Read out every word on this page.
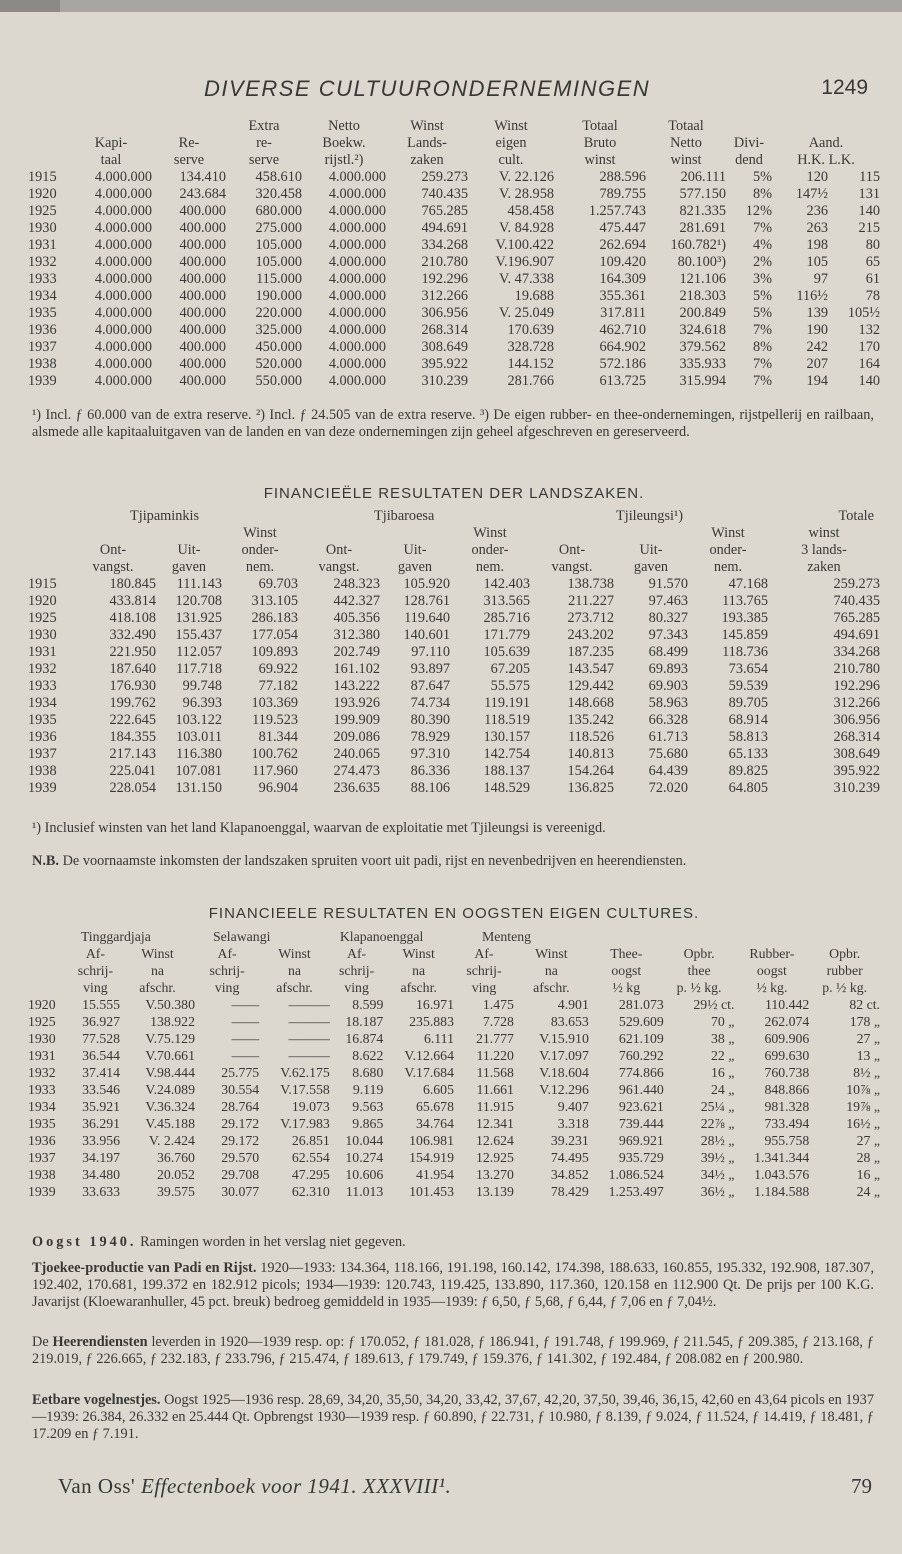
DIVERSE CULTUURONDERNEMINGEN	1249
			Extra	Netto	Winst	Winst	Totaal	Totaal			
	Kapi-	Re-	re-	Boekw.	Lands-	eigen	Bruto	Netto	Divi-	Aand.	
	taal	serve	serve	rijstl.²)	zaken	cult.	winst	winst	dend	H.K. L.K.	
1915	4.000.000	134.410	458.610	4.000.000	259.273	V. 22.126	288.596	206.111	5%	120	115
1920	4.000.000	243.684	320.458	4.000.000	740.435	V. 28.958	789.755	577.150	8%	147½	131
1925	4.000.000	400.000	680.000	4.000.000	765.285	458.458	1.257.743	821.335	12%	236	140
1930	4.000.000	400.000	275.000	4.000.000	494.691	V. 84.928	475.447	281.691	7%	263	215
1931	4.000.000	400.000	105.000	4.000.000	334.268	V.100.422	262.694	160.782¹)	4%	198	80
1932	4.000.000	400.000	105.000	4.000.000	210.780	V.196.907	109.420	80.100³)	2%	105	65
1933	4.000.000	400.000	115.000	4.000.000	192.296	V. 47.338	164.309	121.106	3%	97	61
1934	4.000.000	400.000	190.000	4.000.000	312.266	19.688	355.361	218.303	5%	116½	78
1935	4.000.000	400.000	220.000	4.000.000	306.956	V. 25.049	317.811	200.849	5%	139	105½
1936	4.000.000	400.000	325.000	4.000.000	268.314	170.639	462.710	324.618	7%	190	132
1937	4.000.000	400.000	450.000	4.000.000	308.649	328.728	664.902	379.562	8%	242	170
1938	4.000.000	400.000	520.000	4.000.000	395.922	144.152	572.186	335.933	7%	207	164
1939	4.000.000	400.000	550.000	4.000.000	310.239	281.766	613.725	315.994	7%	194	140
¹) Incl. ƒ 60.000 van de extra reserve. ²) Incl. ƒ 24.505 van de extra reserve. ³) De eigen rubber- en thee-ondernemingen, rijstpellerij en railbaan, alsmede alle kapitaaluitgaven van de landen en van deze ondernemingen zijn geheel afgeschreven en gereserveerd.
FINANCIEËLE RESULTATEN DER LANDSZAKEN.
	Tjipaminkis			Tjibaroesa			Tjileungsi¹)			Totale
			Winst			Winst			Winst	winst
	Ont-	Uit-	onder-	Ont-	Uit-	onder-	Ont-	Uit-	onder-	3 lands-
	vangst.	gaven	nem.	vangst.	gaven	nem.	vangst.	gaven	nem.	zaken
1915	180.845	111.143	69.703	248.323	105.920	142.403	138.738	91.570	47.168	259.273
1920	433.814	120.708	313.105	442.327	128.761	313.565	211.227	97.463	113.765	740.435
1925	418.108	131.925	286.183	405.356	119.640	285.716	273.712	80.327	193.385	765.285
1930	332.490	155.437	177.054	312.380	140.601	171.779	243.202	97.343	145.859	494.691
1931	221.950	112.057	109.893	202.749	97.110	105.639	187.235	68.499	118.736	334.268
1932	187.640	117.718	69.922	161.102	93.897	67.205	143.547	69.893	73.654	210.780
1933	176.930	99.748	77.182	143.222	87.647	55.575	129.442	69.903	59.539	192.296
1934	199.762	96.393	103.369	193.926	74.734	119.191	148.668	58.963	89.705	312.266
1935	222.645	103.122	119.523	199.909	80.390	118.519	135.242	66.328	68.914	306.956
1936	184.355	103.011	81.344	209.086	78.929	130.157	118.526	61.713	58.813	268.314
1937	217.143	116.380	100.762	240.065	97.310	142.754	140.813	75.680	65.133	308.649
1938	225.041	107.081	117.960	274.473	86.336	188.137	154.264	64.439	89.825	395.922
1939	228.054	131.150	96.904	236.635	88.106	148.529	136.825	72.020	64.805	310.239
¹) Inclusief winsten van het land Klapanoenggal, waarvan de exploitatie met Tjileungsi is vereenigd.
N.B. De voornaamste inkomsten der landszaken spruiten voort uit padi, rijst en nevenbedrijven en heerendiensten.
FINANCIEELE RESULTATEN EN OOGSTEN EIGEN CULTURES.
	Tinggardjaja		Selawangi		Klapanoenggal		Menteng					
	Af-	Winst	Af-	Winst	Af-	Winst	Af-	Winst	Thee-	Opbr.	Rubber-	Opbr.
	schrij-	na	schrij-	na	schrij-	na	schrij-	na	oogst	thee	oogst	rubber
	ving	afschr.	ving	afschr.	ving	afschr.	ving	afschr.	½ kg	p. ½ kg.	½ kg.	p. ½ kg.
1920	15.555	V.50.380	——	———	8.599	16.971	1.475	4.901	281.073	29½ ct.	110.442	82 ct.
1925	36.927	138.922	——	———	18.187	235.883	7.728	83.653	529.609	70 „	262.074	178 „
1930	77.528	V.75.129	——	———	16.874	6.111	21.777	V.15.910	621.109	38 „	609.906	27 „
1931	36.544	V.70.661	——	———	8.622	V.12.664	11.220	V.17.097	760.292	22 „	699.630	13 „
1932	37.414	V.98.444	25.775	V.62.175	8.680	V.17.684	11.568	V.18.604	774.866	16 „	760.738	8½ „
1933	33.546	V.24.089	30.554	V.17.558	9.119	6.605	11.661	V.12.296	961.440	24 „	848.866	10⅞ „
1934	35.921	V.36.324	28.764	19.073	9.563	65.678	11.915	9.407	923.621	25¼ „	981.328	19⅞ „
1935	36.291	V.45.188	29.172	V.17.983	9.865	34.764	12.341	3.318	739.444	22⅞ „	733.494	16½ „
1936	33.956	V. 2.424	29.172	26.851	10.044	106.981	12.624	39.231	969.921	28½ „	955.758	27 „
1937	34.197	36.760	29.570	62.554	10.274	154.919	12.925	74.495	935.729	39½ „	1.341.344	28 „
1938	34.480	20.052	29.708	47.295	10.606	41.954	13.270	34.852	1.086.524	34½ „	1.043.576	16 „
1939	33.633	39.575	30.077	62.310	11.013	101.453	13.139	78.429	1.253.497	36½ „	1.184.588	24 „
Oogst 1940. Ramingen worden in het verslag niet gegeven.
Tjoekee-productie van Padi en Rijst. 1920—1933: 134.364, 118.166, 191.198, 160.142, 174.398, 188.633, 160.855, 195.332, 192.908, 187.307, 192.402, 170.681, 199.372 en 182.912 picols; 1934—1939: 120.743, 119.425, 133.890, 117.360, 120.158 en 112.900 Qt. De prijs per 100 K.G. Javarijst (Kloewaranhuller, 45 pct. breuk) bedroeg gemiddeld in 1935—1939: ƒ 6,50, ƒ 5,68, ƒ 6,44, ƒ 7,06 en ƒ 7,04½.
De Heerendiensten leverden in 1920—1939 resp. op: ƒ 170.052, ƒ 181.028, ƒ 186.941, ƒ 191.748, ƒ 199.969, ƒ 211.545, ƒ 209.385, ƒ 213.168, ƒ 219.019, ƒ 226.665, ƒ 232.183, ƒ 233.796, ƒ 215.474, ƒ 189.613, ƒ 179.749, ƒ 159.376, ƒ 141.302, ƒ 192.484, ƒ 208.082 en ƒ 200.980.
Eetbare vogelnestjes. Oogst 1925—1936 resp. 28,69, 34,20, 35,50, 34,20, 33,42, 37,67, 42,20, 37,50, 39,46, 36,15, 42,60 en 43,64 picols en 1937—1939: 26.384, 26.332 en 25.444 Qt. Opbrengst 1930—1939 resp. ƒ 60.890, ƒ 22.731, ƒ 10.980, ƒ 8.139, ƒ 9.024, ƒ 11.524, ƒ 14.419, ƒ 18.481, ƒ 17.209 en ƒ 7.191.
Van Oss' Effectenboek voor 1941. XXXVIII¹.	79
